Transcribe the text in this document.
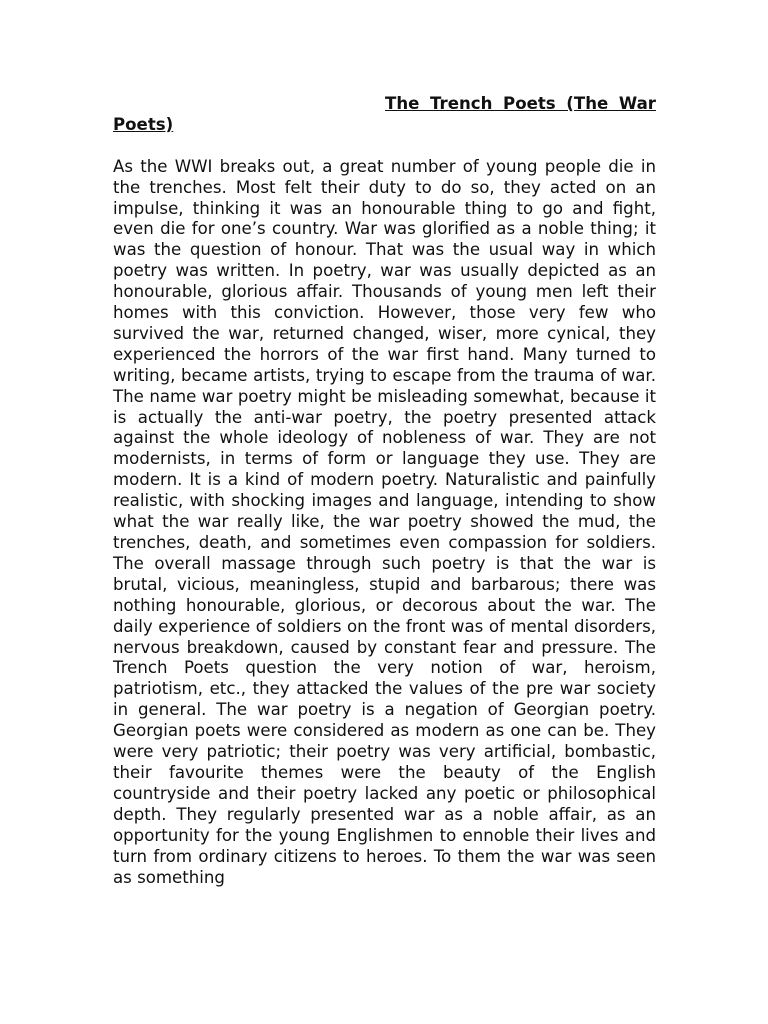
The Trench Poets (The War Poets)

As the WWI breaks out, a great number of young people die in the trenches. Most felt their duty to do so, they acted on an impulse, thinking it was an honourable thing to go and fight, even die for one’s country. War was glorified as a noble thing; it was the question of honour. That was the usual way in which poetry was written. In poetry, war was usually depicted as an honourable, glorious affair. Thousands of young men left their homes with this conviction. However, those very few who survived the war, returned changed, wiser, more cynical, they experienced the horrors of the war first hand. Many turned to writing, became artists, trying to escape from the trauma of war. The name war poetry might be misleading somewhat, because it is actually the anti-war poetry, the poetry presented attack against the whole ideology of nobleness of war. They are not modernists, in terms of form or language they use. They are modern. It is a kind of modern poetry. Naturalistic and painfully realistic, with shocking images and language, intending to show what the war really like, the war poetry showed the mud, the trenches, death, and sometimes even compassion for soldiers. The overall massage through such poetry is that the war is brutal, vicious, meaningless, stupid and barbarous; there was nothing honourable, glorious, or decorous about the war. The daily experience of soldiers on the front was of mental disorders, nervous breakdown, caused by constant fear and pressure. The Trench Poets question the very notion of war, heroism, patriotism, etc., they attacked the values of the pre war society in general. The war poetry is a negation of Georgian poetry. Georgian poets were considered as modern as one can be. They were very patriotic; their poetry was very artificial, bombastic, their favourite themes were the beauty of the English countryside and their poetry lacked any poetic or philosophical depth. They regularly presented war as a noble affair, as an opportunity for the young Englishmen to ennoble their lives and turn from ordinary citizens to heroes. To them the war was seen as something
